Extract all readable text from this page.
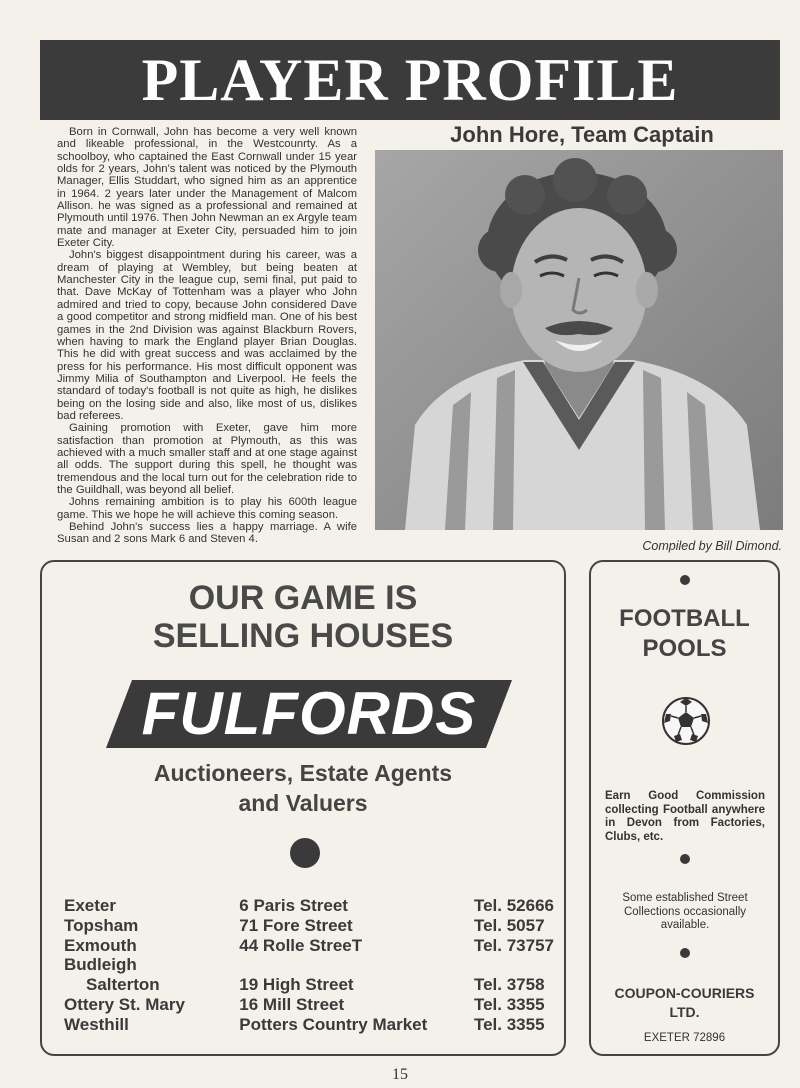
PLAYER PROFILE

Born in Cornwall, John has become a very well known and likeable professional, in the Westcounrty. As a schoolboy, who captained the East Cornwall under 15 year olds for 2 years, John's talent was noticed by the Plymouth Manager, Ellis Studdart, who signed him as an apprentice in 1964. 2 years later under the Management of Malcom Allison. he was signed as a professional and remained at Plymouth until 1976. Then John Newman an ex Argyle team mate and manager at Exeter City, persuaded him to join Exeter City.

John's biggest disappointment during his career, was a dream of playing at Wembley, but being beaten at Manchester City in the league cup, semi final, put paid to that. Dave McKay of Tottenham was a player who John admired and tried to copy, because John considered Dave a good competitor and strong midfield man. One of his best games in the 2nd Division was against Blackburn Rovers, when having to mark the England player Brian Douglas. This he did with great success and was acclaimed by the press for his performance. His most difficult opponent was Jimmy Milia of Southampton and Liverpool. He feels the standard of today's football is not quite as high, he dislikes being on the losing side and also, like most of us, dislikes bad referees.

Gaining promotion with Exeter, gave him more satisfaction than promotion at Plymouth, as this was achieved with a much smaller staff and at one stage against all odds. The support during this spell, he thought was tremendous and the local turn out for the celebration ride to the Guildhall, was beyond all belief.

Johns remaining ambition is to play his 600th league game. This we hope he will achieve this coming season.

Behind John's success lies a happy marriage. A wife Susan and 2 sons Mark 6 and Steven 4.

John Hore, Team Captain
Compiled by Bill Dimond.
OUR GAME IS
SELLING HOUSES
FULFORDS
Auctioneers, Estate Agents
and Valuers
Exeter	6 Paris Street	Tel. 52666
Topsham	71 Fore Street	Tel. 5057
Exmouth	44 Rolle StreeT	Tel. 73757
Budleigh		
Salterton	19 High Street	Tel. 3758
Ottery St. Mary	16 Mill Street	Tel. 3355
Westhill	Potters Country Market	Tel. 3355
FOOTBALL
POOLS
Earn Good Commission collecting Football anywhere in Devon from Factories, Clubs, etc.
Some established Street Collections occasionally available.
COUPON-COURIERS
LTD.
EXETER 72896
15
